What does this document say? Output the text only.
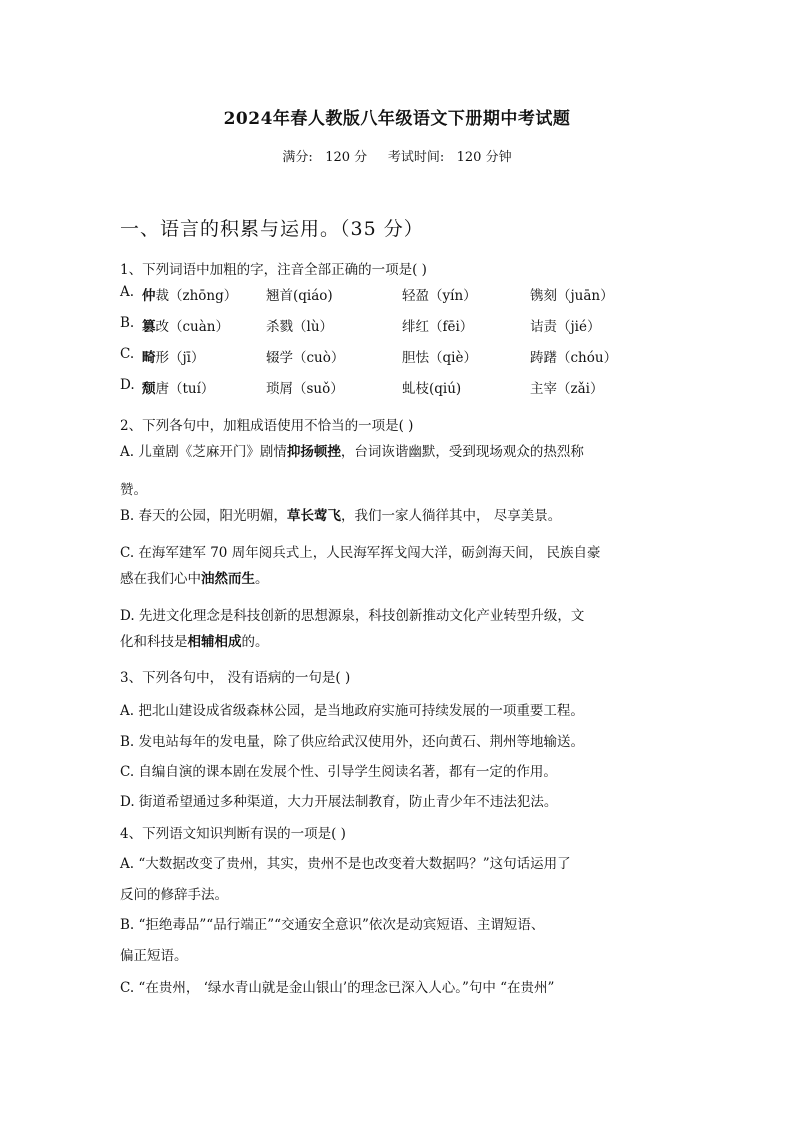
2024年春人教版八年级语文下册期中考试题
满分: 120 分 考试时间: 120 分钟
一、语言的积累与运用。（35 分）
1、下列词语中加粗的字，注音全部正确的一项是( )
A. 仲裁（zhōng） 翘首(qiáo)	轻盈（yín）	镌刻（juān）
B. 篡改（cuàn）	杀戮（lù）	绯红（fēi）	诘责（jié）
C. 畸形（jī）	辍学（cuò）	胆怯（qiè）	踌躇（chóu）
D. 颓唐（tuí）	琐屑（suǒ）	虬枝(qiú)	主宰（zǎi）
2、下列各句中，加粗成语使用不恰当的一项是( )
A. 儿童剧《芝麻开门》剧情抑扬顿挫，台词诙谐幽默，受到现场观众的热烈称
赞。
B. 春天的公园，阳光明媚，草长莺飞，我们一家人徜徉其中， 尽享美景。
C. 在海军建军 70 周年阅兵式上，人民海军挥戈闯大洋，砺剑海天间， 民族自豪
感在我们心中油然而生。
D. 先进文化理念是科技创新的思想源泉，科技创新推动文化产业转型升级，文
化和科技是相辅相成的。
3、下列各句中， 没有语病的一句是( )
A. 把北山建设成省级森林公园，是当地政府实施可持续发展的一项重要工程。
B. 发电站每年的发电量，除了供应给武汉使用外，还向黄石、荆州等地输送。
C. 自编自演的课本剧在发展个性、引导学生阅读名著，都有一定的作用。
D. 街道希望通过多种渠道，大力开展法制教育，防止青少年不违法犯法。
4、下列语文知识判断有误的一项是( )
A. “大数据改变了贵州，其实，贵州不是也改变着大数据吗？”这句话运用了
反问的修辞手法。
B. “拒绝毒品”“品行端正”“交通安全意识”依次是动宾短语、主谓短语、
偏正短语。
C. “在贵州， ‘绿水青山就是金山银山’的理念已深入人心。”句中 “在贵州”
